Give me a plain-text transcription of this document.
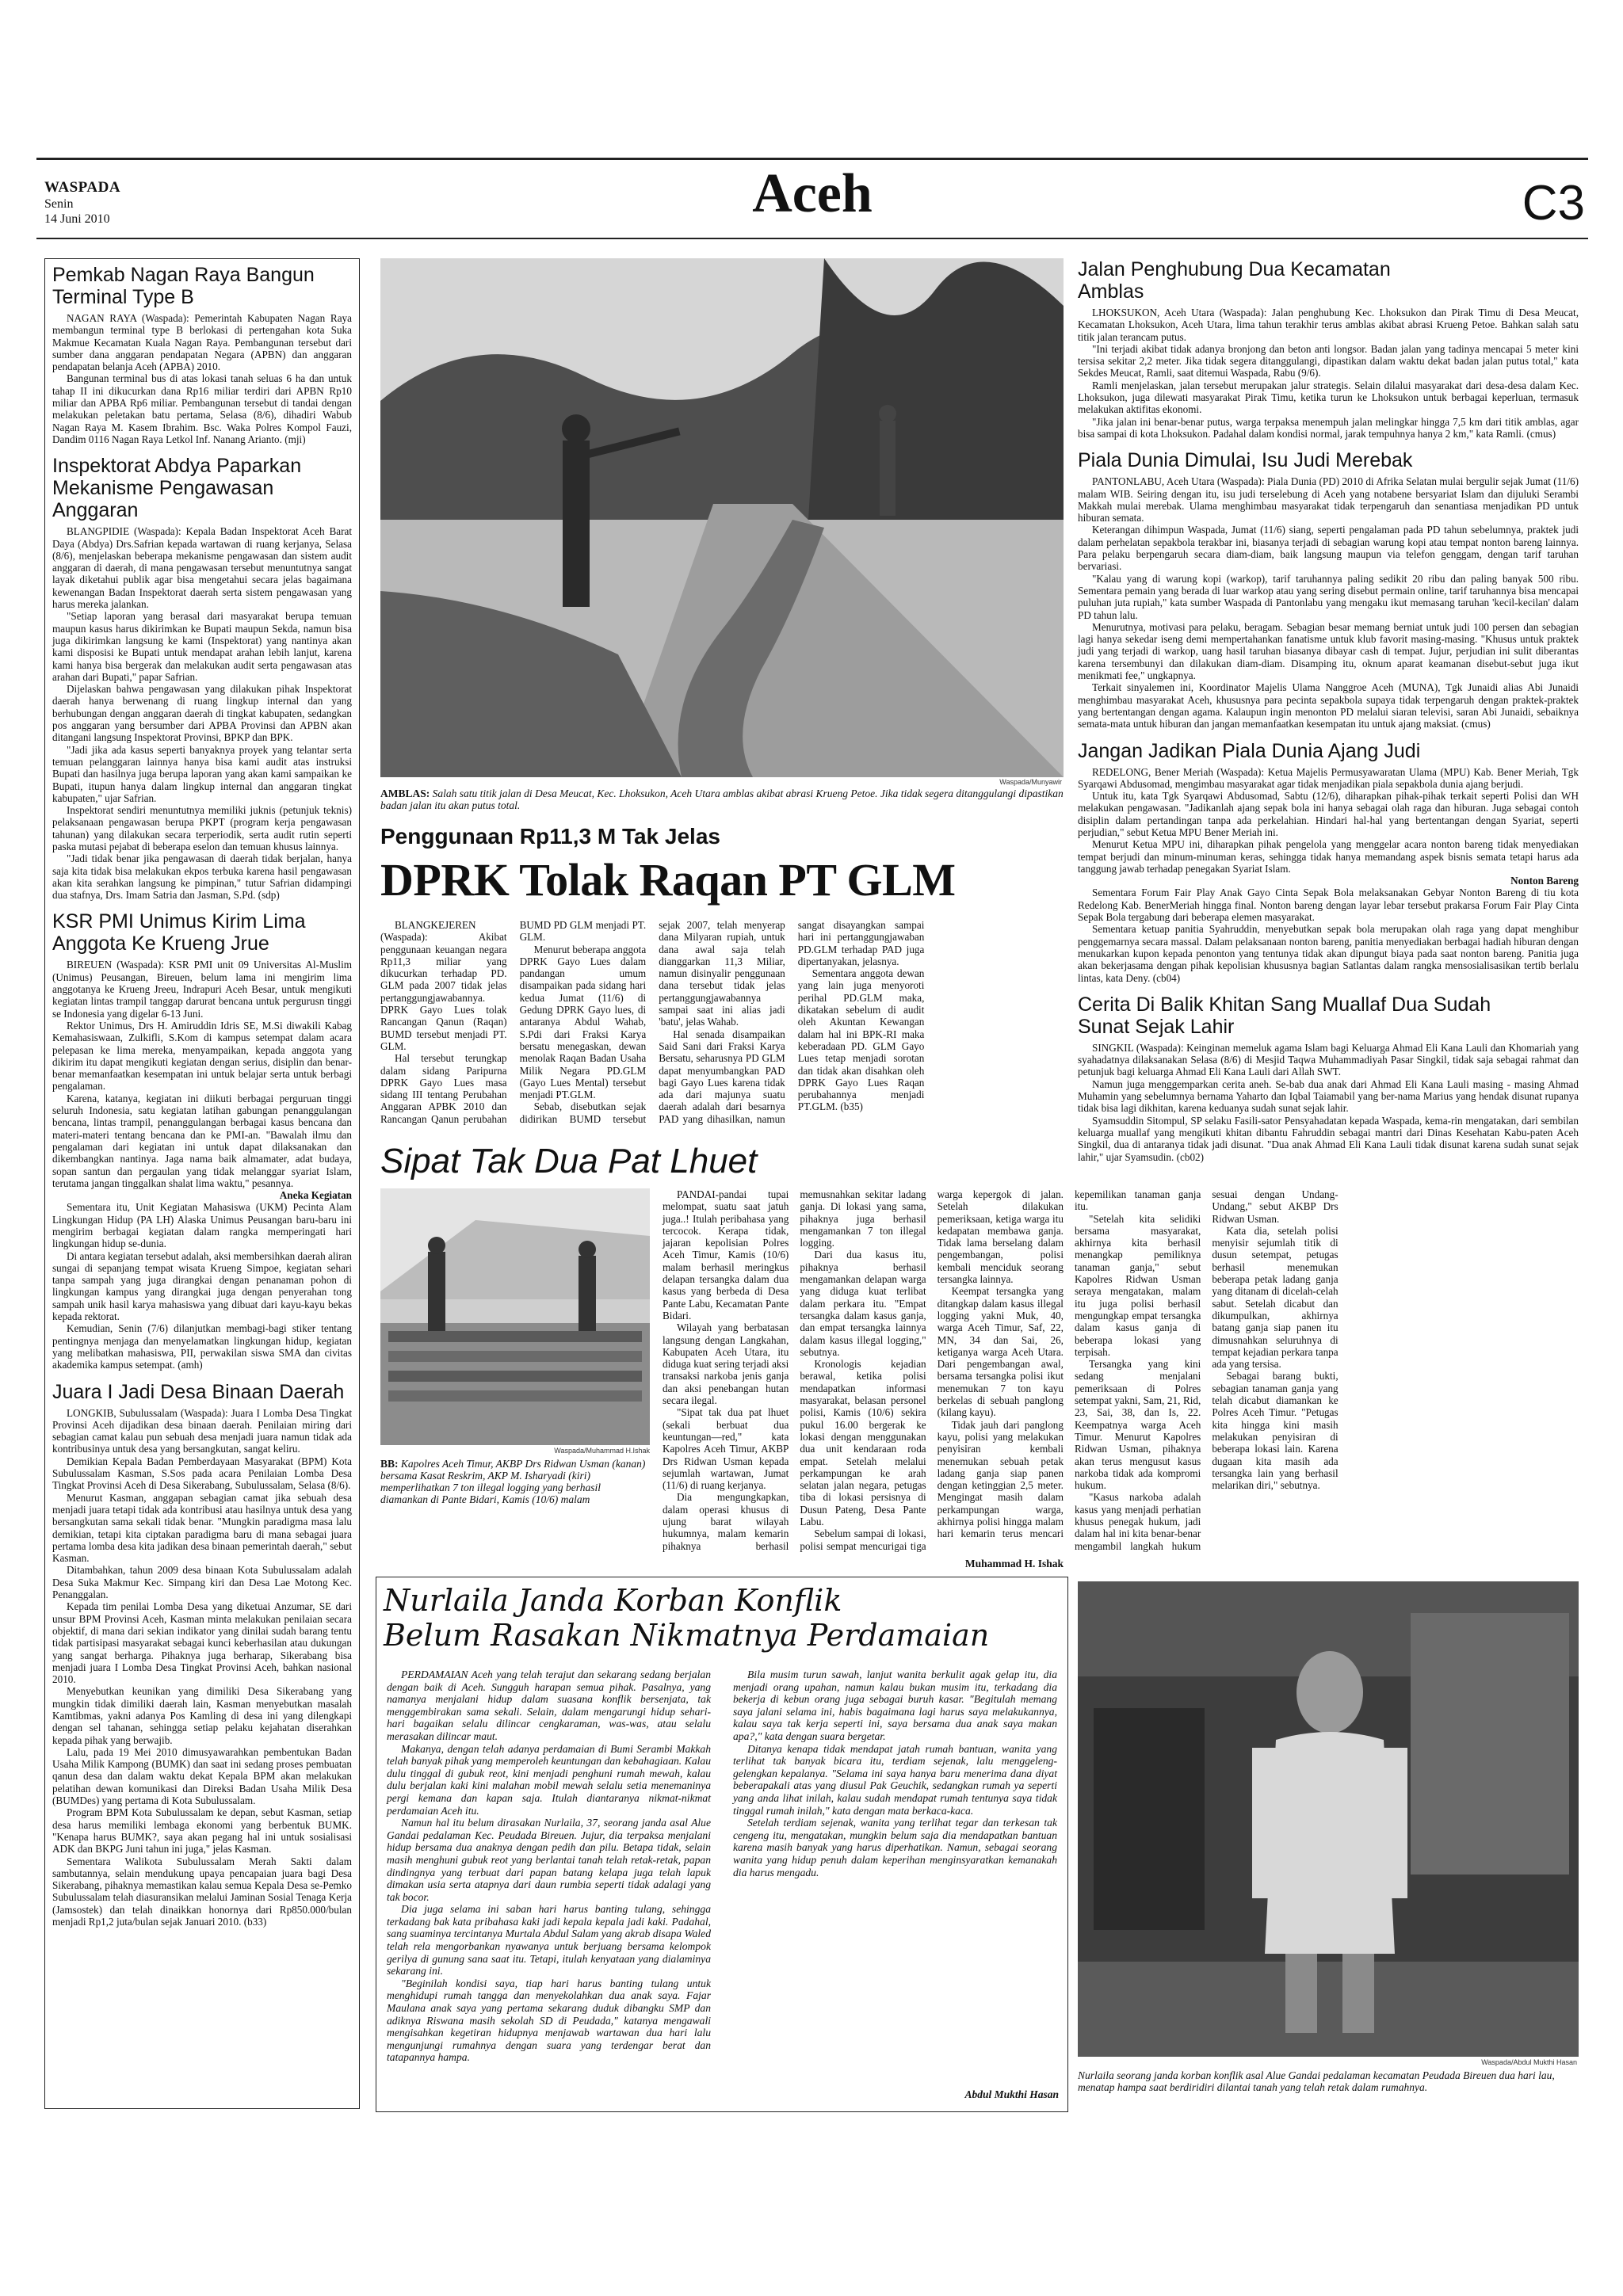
WASPADA
Senin
14 Juni 2010	Aceh	C3
Pemkab Nagan Raya Bangun Terminal Type B

NAGAN RAYA (Waspada): Pemerintah Kabupaten Nagan Raya membangun terminal type B berlokasi di pertengahan kota Suka Makmue Kecamatan Kuala Nagan Raya. Pembangunan tersebut dari sumber dana anggaran pendapatan Negara (APBN) dan anggaran pendapatan belanja Aceh (APBA) 2010.

Bangunan terminal bus di atas lokasi tanah seluas 6 ha dan untuk tahap II ini dikucurkan dana Rp16 miliar terdiri dari APBN Rp10 miliar dan APBA Rp6 miliar. Pembangunan tersebut di tandai dengan melakukan peletakan batu pertama, Selasa (8/6), dihadiri Wabub Nagan Raya M. Kasem Ibrahim. Bsc. Waka Polres Kompol Fauzi, Dandim 0116 Nagan Raya Letkol Inf. Nanang Arianto. (mji)

Inspektorat Abdya Paparkan Mekanisme Pengawasan Anggaran

BLANGPIDIE (Waspada): Kepala Badan Inspektorat Aceh Barat Daya (Abdya) Drs.Safrian kepada wartawan di ruang kerjanya, Selasa (8/6), menjelaskan beberapa mekanisme pengawasan dan sistem audit anggaran di daerah, di mana pengawasan tersebut menuntutnya sangat layak diketahui publik agar bisa mengetahui secara jelas bagaimana kewenangan Badan Inspektorat daerah serta sistem pengawasan yang harus mereka jalankan.

"Setiap laporan yang berasal dari masyarakat berupa temuan maupun kasus harus dikirimkan ke Bupati maupun Sekda, namun bisa juga dikirimkan langsung ke kami (Inspektorat) yang nantinya akan kami disposisi ke Bupati untuk mendapat arahan lebih lanjut, karena kami hanya bisa bergerak dan melakukan audit serta pengawasan atas arahan dari Bupati," papar Safrian.

Dijelaskan bahwa pengawasan yang dilakukan pihak Inspektorat daerah hanya berwenang di ruang lingkup internal dan yang berhubungan dengan anggaran daerah di tingkat kabupaten, sedangkan pos anggaran yang bersumber dari APBA Provinsi dan APBN akan ditangani langsung Inspektorat Provinsi, BPKP dan BPK.

"Jadi jika ada kasus seperti banyaknya proyek yang telantar serta temuan pelanggaran lainnya hanya bisa kami audit atas instruksi Bupati dan hasilnya juga berupa laporan yang akan kami sampaikan ke Bupati, itupun hanya dalam lingkup internal dan anggaran tingkat kabupaten," ujar Safrian.

Inspektorat sendiri menuntutnya memiliki juknis (petunjuk teknis) pelaksanaan pengawasan berupa PKPT (program kerja pengawasan tahunan) yang dilakukan secara terperiodik, serta audit rutin seperti paska mutasi pejabat di beberapa eselon dan temuan khusus lainnya.

"Jadi tidak benar jika pengawasan di daerah tidak berjalan, hanya saja kita tidak bisa melakukan ekpos terbuka karena hasil pengawasan akan kita serahkan langsung ke pimpinan," tutur Safrian didampingi dua stafnya, Drs. Imam Satria dan Jasman, S.Pd. (sdp)

KSR PMI Unimus Kirim Lima Anggota Ke Krueng Jrue

BIREUEN (Waspada): KSR PMI unit 09 Universitas Al-Muslim (Unimus) Peusangan, Bireuen, belum lama ini mengirim lima anggotanya ke Krueng Jreeu, Indrapuri Aceh Besar, untuk mengikuti kegiatan lintas trampil tanggap darurat bencana untuk pergurusn tinggi se Indonesia yang digelar 6-13 Juni.

Rektor Unimus, Drs H. Amiruddin Idris SE, M.Si diwakili Kabag Kemahasiswaan, Zulkifli, S.Kom di kampus setempat dalam acara pelepasan ke lima mereka, menyampaikan, kepada anggota yang dikirim itu dapat mengikuti kegiatan dengan serius, disiplin dan benar-benar memanfaatkan kesempatan ini untuk belajar serta untuk berbagi pengalaman.

Karena, katanya, kegiatan ini diikuti berbagai perguruan tinggi seluruh Indonesia, satu kegiatan latihan gabungan penanggulangan bencana, lintas trampil, penanggulangan berbagai kasus bencana dan materi-materi tentang bencana dan ke PMI-an. "Bawalah ilmu dan pengalaman dari kegiatan ini untuk dapat dilaksanakan dan dikembangkan nantinya. Jaga nama baik almamater, adat budaya, sopan santun dan pergaulan yang tidak melanggar syariat Islam, terutama jangan tinggalkan shalat lima waktu," pesannya.

Aneka Kegiatan

Sementara itu, Unit Kegiatan Mahasiswa (UKM) Pecinta Alam Lingkungan Hidup (PA LH) Alaska Unimus Peusangan baru-baru ini mengirim berbagai kegiatan dalam rangka memperingati hari lingkungan hidup se-dunia.

Di antara kegiatan tersebut adalah, aksi membersihkan daerah aliran sungai di sepanjang tempat wisata Krueng Simpoe, kegiatan sehari tanpa sampah yang juga dirangkai dengan penanaman pohon di lingkungan kampus yang dirangkai juga dengan penyerahan tong sampah unik hasil karya mahasiswa yang dibuat dari kayu-kayu bekas kepada rektorat.

Kemudian, Senin (7/6) dilanjutkan membagi-bagi stiker tentang pentingnya menjaga dan menyelamatkan lingkungan hidup, kegiatan yang melibatkan mahasiswa, PII, perwakilan siswa SMA dan civitas akademika kampus setempat. (amh)

Juara I Jadi Desa Binaan Daerah

LONGKIB, Subulussalam (Waspada): Juara I Lomba Desa Tingkat Provinsi Aceh dijadikan desa binaan daerah. Penilaian miring dari sebagian camat kalau pun sebuah desa menjadi juara namun tidak ada kontribusinya untuk desa yang bersangkutan, sangat keliru.

Demikian Kepala Badan Pemberdayaan Masyarakat (BPM) Kota Subulussalam Kasman, S.Sos pada acara Penilaian Lomba Desa Tingkat Provinsi Aceh di Desa Sikerabang, Subulussalam, Selasa (8/6).

Menurut Kasman, anggapan sebagian camat jika sebuah desa menjadi juara tetapi tidak ada kontribusi atau hasilnya untuk desa yang bersangkutan sama sekali tidak benar. "Mungkin paradigma masa lalu demikian, tetapi kita ciptakan paradigma baru di mana sebagai juara pertama lomba desa kita jadikan desa binaan pemerintah daerah," sebut Kasman.

Ditambahkan, tahun 2009 desa binaan Kota Subulussalam adalah Desa Suka Makmur Kec. Simpang kiri dan Desa Lae Motong Kec. Penanggalan.

Kepada tim penilai Lomba Desa yang diketuai Anzumar, SE dari unsur BPM Provinsi Aceh, Kasman minta melakukan penilaian secara objektif, di mana dari sekian indikator yang dinilai sudah barang tentu tidak partisipasi masyarakat sebagai kunci keberhasilan atau dukungan yang sangat berharga. Pihaknya juga berharap, Sikerabang bisa menjadi juara I Lomba Desa Tingkat Provinsi Aceh, bahkan nasional 2010.

Menyebutkan keunikan yang dimiliki Desa Sikerabang yang mungkin tidak dimiliki daerah lain, Kasman menyebutkan masalah Kamtibmas, yakni adanya Pos Kamling di desa ini yang dilengkapi dengan sel tahanan, sehingga setiap pelaku kejahatan diserahkan kepada pihak yang berwajib.

Lalu, pada 19 Mei 2010 dimusyawarahkan pembentukan Badan Usaha Milik Kampong (BUMK) dan saat ini sedang proses pembuatan qanun desa dan dalam waktu dekat Kepala BPM akan melakukan pelatihan dewan komunikasi dan Direksi Badan Usaha Milik Desa (BUMDes) yang pertama di Kota Subulussalam.

Program BPM Kota Subulussalam ke depan, sebut Kasman, setiap desa harus memiliki lembaga ekonomi yang berbentuk BUMK. "Kenapa harus BUMK?, saya akan pegang hal ini untuk sosialisasi ADK dan BKPG Juni tahun ini juga," jelas Kasman.

Sementara Walikota Subulussalam Merah Sakti dalam sambutannya, selain mendukung upaya pencapaian juara bagi Desa Sikerabang, pihaknya memastikan kalau semua Kepala Desa se-Pemko Subulussalam telah diasuransikan melalui Jaminan Sosial Tenaga Kerja (Jamsostek) dan telah dinaikkan honornya dari Rp850.000/bulan menjadi Rp1,2 juta/bulan sejak Januari 2010. (b33)

Waspada/Munyawir

AMBLAS: Salah satu titik jalan di Desa Meucat, Kec. Lhoksukon, Aceh Utara amblas akibat abrasi Krueng Petoe. Jika tidak segera ditanggulangi dipastikan badan jalan itu akan putus total.

Penggunaan Rp11,3 M Tak Jelas
DPRK Tolak Raqan PT GLM

BLANGKEJEREN (Waspada): Akibat penggunaan keuangan negara Rp11,3 miliar yang dikucurkan terhadap PD. GLM pada 2007 tidak jelas pertanggungjawabannya. DPRK Gayo Lues tolak Rancangan Qanun (Raqan) BUMD tersebut menjadi PT. GLM.

Hal tersebut terungkap dalam sidang Paripurna DPRK Gayo Lues masa sidang III tentang Perubahan Anggaran APBK 2010 dan Rancangan Qanun perubahan BUMD PD GLM menjadi PT. GLM.

Menurut beberapa anggota DPRK Gayo Lues dalam pandangan umum disampaikan pada sidang hari kedua Jumat (11/6) di Gedung DPRK Gayo lues, di antaranya Abdul Wahab, S.Pdi dari Fraksi Karya bersatu menegaskan, dewan menolak Raqan Badan Usaha Milik Negara PD.GLM (Gayo Lues Mental) tersebut menjadi PT.GLM.

Sebab, disebutkan sejak didirikan BUMD tersebut sejak 2007, telah menyerap dana Milyaran rupiah, untuk dana awal saja telah dianggarkan 11,3 Miliar, namun disinyalir penggunaan dana tersebut tidak jelas pertanggungjawabannya sampai saat ini alias jadi 'batu', jelas Wahab.

Hal senada disampaikan Said Sani dari Fraksi Karya Bersatu, seharusnya PD GLM dapat menyumbangkan PAD bagi Gayo Lues karena tidak ada dari majunya suatu daerah adalah dari besarnya PAD yang dihasilkan, namun sangat disayangkan sampai hari ini pertanggungjawaban PD.GLM terhadap PAD juga dipertanyakan, jelasnya.

Sementara anggota dewan yang lain juga menyoroti perihal PD.GLM maka, dikatakan sebelum di audit oleh Akuntan Kewangan dalam hal ini BPK-RI maka keberadaan PD. GLM Gayo Lues tetap menjadi sorotan dan tidak akan disahkan oleh DPRK Gayo Lues Raqan perubahannya menjadi PT.GLM. (b35)

Sipat Tak Dua Pat Lhuet
Waspada/Muhammad H.Ishak

BB: Kapolres Aceh Timur, AKBP Drs Ridwan Usman (kanan) bersama Kasat Reskrim, AKP M. Isharyadi (kiri) memperlihatkan 7 ton illegal logging yang berhasil diamankan di Pante Bidari, Kamis (10/6) malam

PANDAI-pandai tupai melompat, suatu saat jatuh juga..! Itulah peribahasa yang tercocok. Kerapa tidak, jajaran kepolisian Polres Aceh Timur, Kamis (10/6) malam berhasil meringkus delapan tersangka dalam dua kasus yang berbeda di Desa Pante Labu, Kecamatan Pante Bidari.

Wilayah yang berbatasan langsung dengan Langkahan, Kabupaten Aceh Utara, itu diduga kuat sering terjadi aksi transaksi narkoba jenis ganja dan aksi penebangan hutan secara ilegal.

"Sipat tak dua pat lhuet (sekali berbuat dua keuntungan—red," kata Kapolres Aceh Timur, AKBP Drs Ridwan Usman kepada sejumlah wartawan, Jumat (11/6) di ruang kerjanya.

Dia mengungkapkan, dalam operasi khusus di ujung barat wilayah hukumnya, malam kemarin pihaknya berhasil memusnahkan sekitar ladang ganja. Di lokasi yang sama, pihaknya juga berhasil mengamankan 7 ton illegal logging.

Dari dua kasus itu, pihaknya berhasil mengamankan delapan warga yang diduga kuat terlibat dalam perkara itu. "Empat tersangka dalam kasus ganja, dan empat tersangka lainnya dalam kasus illegal logging," sebutnya.

Kronologis kejadian berawal, ketika polisi mendapatkan informasi masyarakat, belasan personel polisi, Kamis (10/6) sekira pukul 16.00 bergerak ke lokasi dengan menggunakan dua unit kendaraan roda empat. Setelah melalui perkampungan ke arah selatan jalan negara, petugas tiba di lokasi persisnya di Dusun Pateng, Desa Pante Labu.

Sebelum sampai di lokasi, polisi sempat mencurigai tiga warga kepergok di jalan. Setelah dilakukan pemeriksaan, ketiga warga itu kedapatan membawa ganja. Tidak lama berselang dalam pengembangan, polisi kembali menciduk seorang tersangka lainnya.

Keempat tersangka yang ditangkap dalam kasus illegal logging yakni Muk, 40, warga Aceh Timur, Saf, 22, MN, 34 dan Sai, 26, ketiganya warga Aceh Utara. Dari pengembangan awal, bersama tersangka polisi ikut menemukan 7 ton kayu berkelas di sebuah panglong (kilang kayu).

Tidak jauh dari panglong kayu, polisi yang melakukan penyisiran kembali menemukan sebuah petak ladang ganja siap panen dengan ketinggian 2,5 meter. Mengingat masih dalam perkampungan warga, akhirnya polisi hingga malam hari kemarin terus mencari kepemilikan tanaman ganja itu.

"Setelah kita selidiki bersama masyarakat, akhirnya kita berhasil menangkap pemiliknya tanaman ganja," sebut Kapolres Ridwan Usman seraya mengatakan, malam itu juga polisi berhasil mengungkap empat tersangka dalam kasus ganja di beberapa lokasi yang terpisah.

Tersangka yang kini sedang menjalani pemeriksaan di Polres setempat yakni, Sam, 21, Rid, 23, Sai, 38, dan Is, 22. Keempatnya warga Aceh Timur. Menurut Kapolres Ridwan Usman, pihaknya akan terus mengusut kasus narkoba tidak ada kompromi hukum.

"Kasus narkoba adalah kasus yang menjadi perhatian khusus penegak hukum, jadi dalam hal ini kita benar-benar mengambil langkah hukum sesuai dengan Undang-Undang," sebut AKBP Drs Ridwan Usman.

Kata dia, setelah polisi menyisir sejumlah titik di dusun setempat, petugas berhasil menemukan beberapa petak ladang ganja yang ditanam di dicelah-celah sabut. Setelah dicabut dan dikumpulkan, akhirnya batang ganja siap panen itu dimusnahkan seluruhnya di tempat kejadian perkara tanpa ada yang tersisa.

Sebagai barang bukti, sebagian tanaman ganja yang telah dicabut diamankan ke Polres Aceh Timur. "Petugas kita hingga kini masih melakukan penyisiran di beberapa lokasi lain. Karena dugaan kita masih ada tersangka lain yang berhasil melarikan diri," sebutnya.

Muhammad H. Ishak
Nurlaila Janda Korban Konflik
Belum Rasakan Nikmatnya Perdamaian

PERDAMAIAN Aceh yang telah terajut dan sekarang sedang berjalan dengan baik di Aceh. Sungguh harapan semua pihak. Pasalnya, yang namanya menjalani hidup dalam suasana konflik bersenjata, tak menggembirakan sama sekali. Selain, dalam mengarungi hidup sehari-hari bagaikan selalu dilincar cengkaraman, was-was, atau selalu merasakan dilincar maut.

Makanya, dengan telah adanya perdamaian di Bumi Serambi Makkah telah banyak pihak yang memperoleh keuntungan dan kebahagiaan. Kalau dulu tinggal di gubuk reot, kini menjadi penghuni rumah mewah, kalau dulu berjalan kaki kini malahan mobil mewah selalu setia menemaninya pergi kemana dan kapan saja. Itulah diantaranya nikmat-nikmat perdamaian Aceh itu.

Namun hal itu belum dirasakan Nurlaila, 37, seorang janda asal Alue Gandai pedalaman Kec. Peudada Bireuen. Jujur, dia terpaksa menjalani hidup bersama dua anaknya dengan pedih dan pilu. Betapa tidak, selain masih menghuni gubuk reot yang berlantai tanah telah retak-retak, papan dindingnya yang terbuat dari papan batang kelapa juga telah lapuk dimakan usia serta atapnya dari daun rumbia seperti tidak adalagi yang tak bocor.

Dia juga selama ini saban hari harus banting tulang, sehingga terkadang bak kata pribahasa kaki jadi kepala kepala jadi kaki. Padahal, sang suaminya tercintanya Murtala Abdul Salam yang akrab disapa Waled telah rela mengorbankan nyawanya untuk berjuang bersama kelompok gerilya di gunung sana saat itu. Tetapi, itulah kenyataan yang dialaminya sekarang ini.

"Beginilah kondisi saya, tiap hari harus banting tulang untuk menghidupi rumah tangga dan menyekolahkan dua anak saya. Fajar Maulana anak saya yang pertama sekarang duduk dibangku SMP dan adiknya Riswana masih sekolah SD di Peudada," katanya mengawali mengisahkan kegetiran hidupnya menjawab wartawan dua hari lalu mengunjungi rumahnya dengan suara yang terdengar berat dan tatapannya hampa.

Bila musim turun sawah, lanjut wanita berkulit agak gelap itu, dia menjadi orang upahan, namun kalau bukan musim itu, terkadang dia bekerja di kebun orang juga sebagai buruh kasar. "Begitulah memang saya jalani selama ini, habis bagaimana lagi harus saya melakukannya, kalau saya tak kerja seperti ini, saya bersama dua anak saya makan apa?," kata dengan suara bergetar.

Ditanya kenapa tidak mendapat jatah rumah bantuan, wanita yang terlihat tak banyak bicara itu, terdiam sejenak, lalu menggeleng-gelengkan kepalanya. "Selama ini saya hanya baru menerima dana diyat beberapakali atas yang diusul Pak Geuchik, sedangkan rumah ya seperti yang anda lihat inilah, kalau sudah mendapat rumah tentunya saya tidak tinggal rumah inilah," kata dengan mata berkaca-kaca.

Setelah terdiam sejenak, wanita yang terlihat tegar dan terkesan tak cengeng itu, mengatakan, mungkin belum saja dia mendapatkan bantuan karena masih banyak yang harus diperhatikan. Namun, sebagai seorang wanita yang hidup penuh dalam keperihan menginsyaratkan kemanakah dia harus mengadu.

Abdul Mukthi Hasan
Jalan Penghubung Dua Kecamatan Amblas

LHOKSUKON, Aceh Utara (Waspada): Jalan penghubung Kec. Lhoksukon dan Pirak Timu di Desa Meucat, Kecamatan Lhoksukon, Aceh Utara, lima tahun terakhir terus amblas akibat abrasi Krueng Petoe. Bahkan salah satu titik jalan terancam putus.

"Ini terjadi akibat tidak adanya bronjong dan beton anti longsor. Badan jalan yang tadinya mencapai 5 meter kini tersisa sekitar 2,2 meter. Jika tidak segera ditanggulangi, dipastikan dalam waktu dekat badan jalan putus total," kata Sekdes Meucat, Ramli, saat ditemui Waspada, Rabu (9/6).

Ramli menjelaskan, jalan tersebut merupakan jalur strategis. Selain dilalui masyarakat dari desa-desa dalam Kec. Lhoksukon, juga dilewati masyarakat Pirak Timu, ketika turun ke Lhoksukon untuk berbagai keperluan, termasuk melakukan aktifitas ekonomi.

"Jika jalan ini benar-benar putus, warga terpaksa menempuh jalan melingkar hingga 7,5 km dari titik amblas, agar bisa sampai di kota Lhoksukon. Padahal dalam kondisi normal, jarak tempuhnya hanya 2 km," kata Ramli. (cmus)

Piala Dunia Dimulai, Isu Judi Merebak

PANTONLABU, Aceh Utara (Waspada): Piala Dunia (PD) 2010 di Afrika Selatan mulai bergulir sejak Jumat (11/6) malam WIB. Seiring dengan itu, isu judi terselebung di Aceh yang notabene bersyariat Islam dan dijuluki Serambi Makkah mulai merebak. Ulama menghimbau masyarakat tidak terpengaruh dan senantiasa menjadikan PD untuk hiburan semata.

Keterangan dihimpun Waspada, Jumat (11/6) siang, seperti pengalaman pada PD tahun sebelumnya, praktek judi dalam perhelatan sepakbola terakbar ini, biasanya terjadi di sebagian warung kopi atau tempat nonton bareng lainnya. Para pelaku berpengaruh secara diam-diam, baik langsung maupun via telefon genggam, dengan tarif taruhan bervariasi.

"Kalau yang di warung kopi (warkop), tarif taruhannya paling sedikit 20 ribu dan paling banyak 500 ribu. Sementara pemain yang berada di luar warkop atau yang sering disebut permain online, tarif taruhannya bisa mencapai puluhan juta rupiah," kata sumber Waspada di Pantonlabu yang mengaku ikut memasang taruhan 'kecil-kecilan' dalam PD tahun lalu.

Menurutnya, motivasi para pelaku, beragam. Sebagian besar memang berniat untuk judi 100 persen dan sebagian lagi hanya sekedar iseng demi mempertahankan fanatisme untuk klub favorit masing-masing. "Khusus untuk praktek judi yang terjadi di warkop, uang hasil taruhan biasanya dibayar cash di tempat. Jujur, perjudian ini sulit diberantas karena tersembunyi dan dilakukan diam-diam. Disamping itu, oknum aparat keamanan disebut-sebut juga ikut menikmati fee," ungkapnya.

Terkait sinyalemen ini, Koordinator Majelis Ulama Nanggroe Aceh (MUNA), Tgk Junaidi alias Abi Junaidi menghimbau masyarakat Aceh, khususnya para pecinta sepakbola supaya tidak terpengaruh dengan praktek-praktek yang bertentangan dengan agama. Kalaupun ingin menonton PD melalui siaran televisi, saran Abi Junaidi, sebaiknya semata-mata untuk hiburan dan jangan memanfaatkan kesempatan itu untuk ajang maksiat. (cmus)

Jangan Jadikan Piala Dunia Ajang Judi

REDELONG, Bener Meriah (Waspada): Ketua Majelis Permusyawaratan Ulama (MPU) Kab. Bener Meriah, Tgk Syarqawi Abdusomad, mengimbau masyarakat agar tidak menjadikan piala sepakbola dunia ajang berjudi.

Untuk itu, kata Tgk Syarqawi Abdusomad, Sabtu (12/6), diharapkan pihak-pihak terkait seperti Polisi dan WH melakukan pengawasan. "Jadikanlah ajang sepak bola ini hanya sebagai olah raga dan hiburan. Juga sebagai contoh disiplin dalam pertandingan tanpa ada perkelahian. Hindari hal-hal yang bertentangan dengan Syariat, seperti perjudian," sebut Ketua MPU Bener Meriah ini.

Menurut Ketua MPU ini, diharapkan pihak pengelola yang menggelar acara nonton bareng tidak menyediakan tempat berjudi dan minum-minuman keras, sehingga tidak hanya memandang aspek bisnis semata tetapi harus ada tanggung jawab terhadap penegakan Syariat Islam.

Nonton Bareng

Sementara Forum Fair Play Anak Gayo Cinta Sepak Bola melaksanakan Gebyar Nonton Bareng di tiu kota Redelong Kab. BenerMeriah hingga final. Nonton bareng dengan layar lebar tersebut prakarsa Forum Fair Play Cinta Sepak Bola tergabung dari beberapa elemen masyarakat.

Sementara ketuap panitia Syahruddin, menyebutkan sepak bola merupakan olah raga yang dapat menghibur penggemarnya secara massal. Dalam pelaksanaan nonton bareng, panitia menyediakan berbagai hadiah hiburan dengan menukarkan kupon kepada penonton yang tentunya tidak akan dipungut biaya pada saat nonton bareng. Panitia juga akan bekerjasama dengan pihak kepolisian khususnya bagian Satlantas dalam rangka mensosialisasikan tertib berlalu lintas, kata Deny. (cb04)

Cerita Di Balik Khitan Sang Muallaf Dua Sudah Sunat Sejak Lahir

SINGKIL (Waspada): Keinginan memeluk agama Islam bagi Keluarga Ahmad Eli Kana Lauli dan Khomariah yang syahadatnya dilaksanakan Selasa (8/6) di Mesjid Taqwa Muhammadiyah Pasar Singkil, tidak saja sebagai rahmat dan petunjuk bagi keluarga Ahmad Eli Kana Lauli dari Allah SWT.

Namun juga menggemparkan cerita aneh. Se-bab dua anak dari Ahmad Eli Kana Lauli masing - masing Ahmad Muhamin yang sebelumnya bernama Yaharto dan Iqbal Taiamabil yang ber-nama Marius yang hendak disunat rupanya tidak bisa lagi dikhitan, karena keduanya sudah sunat sejak lahir.

Syamsuddin Sitompul, SP selaku Fasili-sator Pensyahadatan kepada Waspada, kema-rin mengatakan, dari sembilan keluarga muallaf yang mengikuti khitan dibantu Fahruddin sebagai mantri dari Dinas Kesehatan Kabu-paten Aceh Singkil, dua di antaranya tidak jadi disunat. "Dua anak Ahmad Eli Kana Lauli tidak disunat karena sudah sunat sejak lahir," ujar Syamsudin. (cb02)

Waspada/Abdul Mukthi Hasan

Nurlaila seorang janda korban konflik asal Alue Gandai pedalaman kecamatan Peudada Bireuen dua hari lau, menatap hampa saat berdiridiri dilantai tanah yang telah retak dalam rumahnya.
